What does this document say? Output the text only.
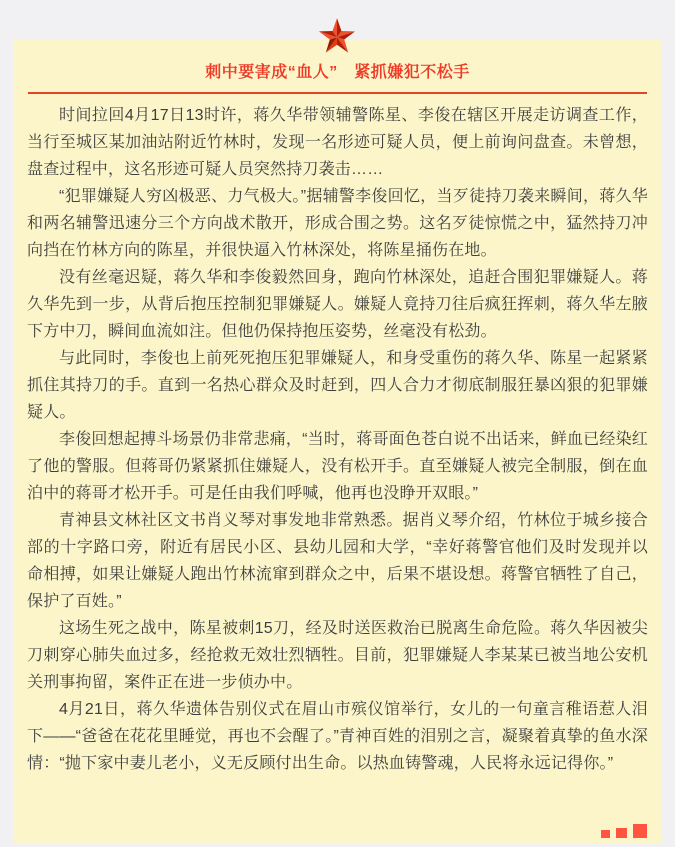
刺中要害成“血人”　紧抓嫌犯不松手

时间拉回4月17日13时许，蒋久华带领辅警陈星、李俊在辖区开展走访调查工作，当行至城区某加油站附近竹林时，发现一名形迹可疑人员，便上前询问盘查。未曾想，盘查过程中，这名形迹可疑人员突然持刀袭击……

“犯罪嫌疑人穷凶极恶、力气极大。”据辅警李俊回忆，当歹徒持刀袭来瞬间，蒋久华和两名辅警迅速分三个方向战术散开，形成合围之势。这名歹徒惊慌之中，猛然持刀冲向挡在竹林方向的陈星，并很快逼入竹林深处，将陈星捅伤在地。

没有丝毫迟疑，蒋久华和李俊毅然回身，跑向竹林深处，追赶合围犯罪嫌疑人。蒋久华先到一步，从背后抱压控制犯罪嫌疑人。嫌疑人竟持刀往后疯狂挥刺，蒋久华左腋下方中刀，瞬间血流如注。但他仍保持抱压姿势，丝毫没有松劲。

与此同时，李俊也上前死死抱压犯罪嫌疑人，和身受重伤的蒋久华、陈星一起紧紧抓住其持刀的手。直到一名热心群众及时赶到，四人合力才彻底制服狂暴凶狠的犯罪嫌疑人。

李俊回想起搏斗场景仍非常悲痛，“当时，蒋哥面色苍白说不出话来，鲜血已经染红了他的警服。但蒋哥仍紧紧抓住嫌疑人，没有松开手。直至嫌疑人被完全制服，倒在血泊中的蒋哥才松开手。可是任由我们呼喊，他再也没睁开双眼。”

青神县文林社区文书肖义琴对事发地非常熟悉。据肖义琴介绍，竹林位于城乡接合部的十字路口旁，附近有居民小区、县幼儿园和大学，“幸好蒋警官他们及时发现并以命相搏，如果让嫌疑人跑出竹林流窜到群众之中，后果不堪设想。蒋警官牺牲了自己，保护了百姓。”

这场生死之战中，陈星被刺15刀，经及时送医救治已脱离生命危险。蒋久华因被尖刀刺穿心肺失血过多，经抢救无效壮烈牺牲。目前，犯罪嫌疑人李某某已被当地公安机关刑事拘留，案件正在进一步侦办中。

4月21日，蒋久华遗体告别仪式在眉山市殡仪馆举行，女儿的一句童言稚语惹人泪下——“爸爸在花花里睡觉，再也不会醒了。”青神百姓的泪别之言，凝聚着真挚的鱼水深情：“抛下家中妻儿老小，义无反顾付出生命。以热血铸警魂，人民将永远记得你。”
